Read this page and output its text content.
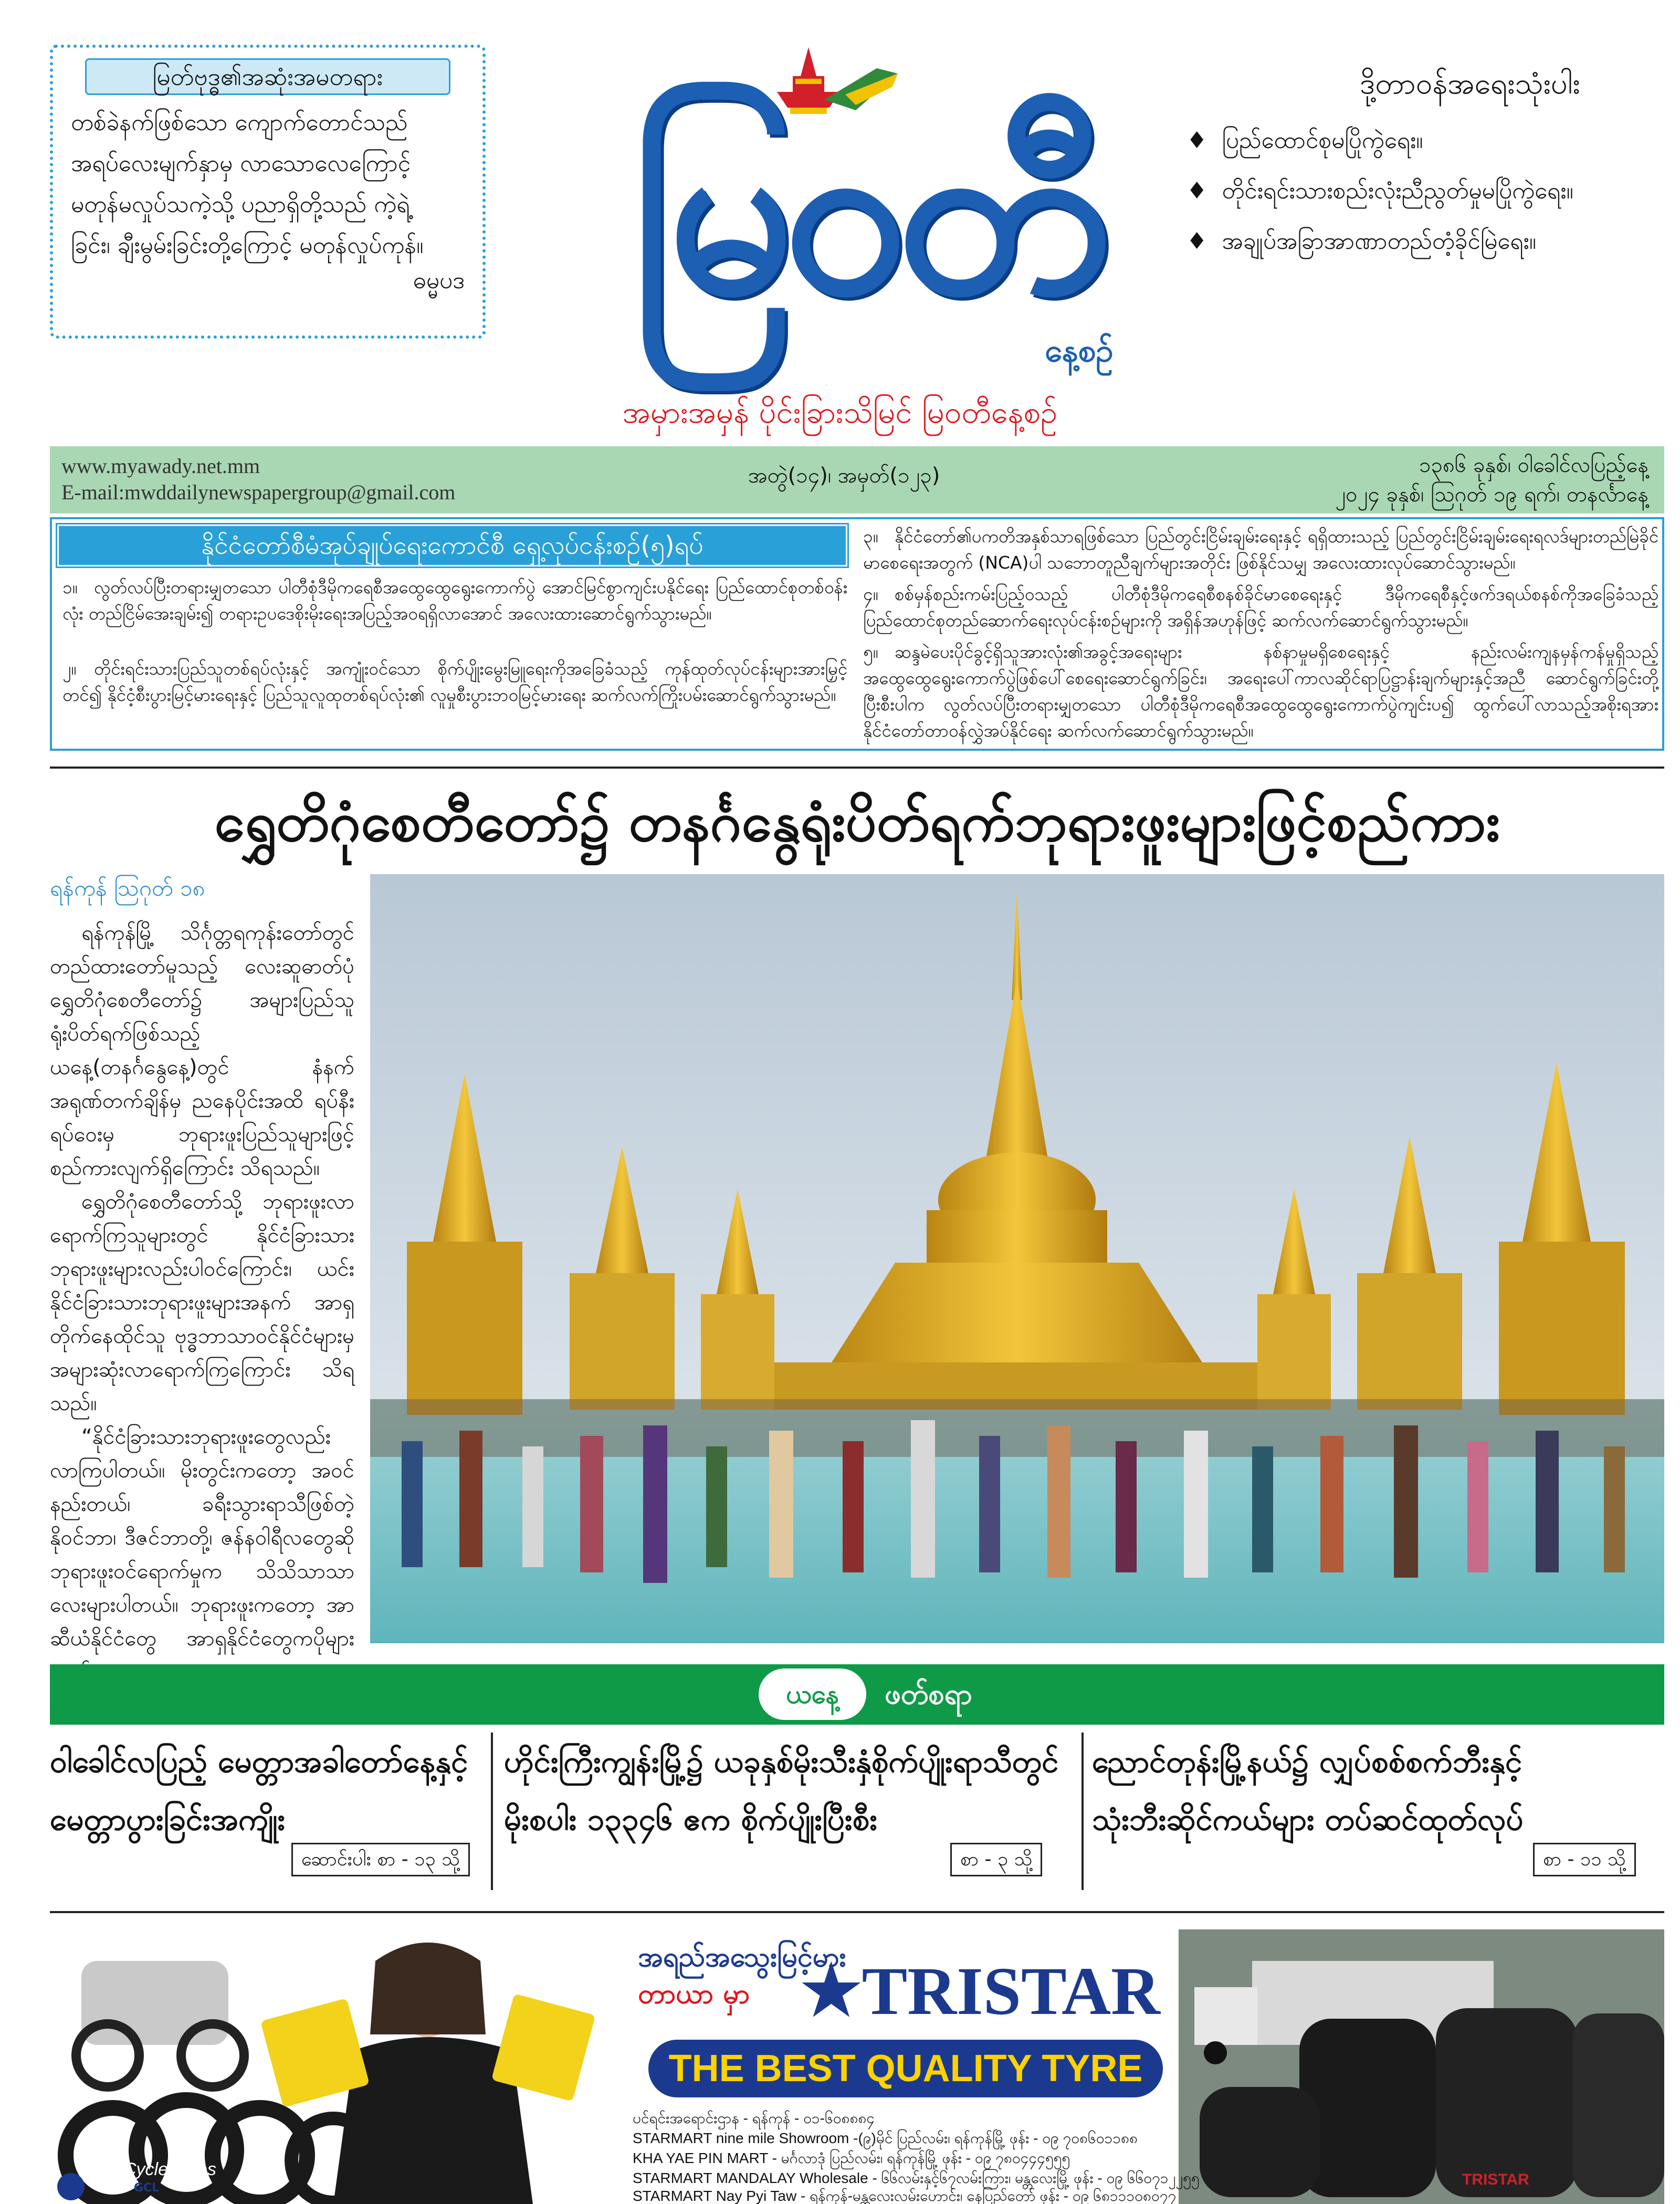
မြတ်ဗုဒ္ဓ၏အဆုံးအမတရား
တစ်ခဲနက်ဖြစ်သော ကျောက်တောင်သည်
အရပ်လေးမျက်နှာမှ လာသောလေကြောင့်
မတုန်မလှုပ်သကဲ့သို့ ပညာရှိတို့သည် ကဲ့ရဲ့
ခြင်း၊ ချီးမွမ်းခြင်းတို့ကြောင့် မတုန်လှုပ်ကုန်။
ဓမ္မပဒ မြဝတီ
နေ့စဉ်
အမှားအမှန် ပိုင်းခြားသိမြင် မြဝတီနေ့စဉ်
ဒို့တာဝန်အရေးသုံးပါး
♦ ပြည်ထောင်စုမပြိုကွဲရေး။
♦ တိုင်းရင်းသားစည်းလုံးညီညွတ်မှုမပြိုကွဲရေး။
♦ အချုပ်အခြာအာဏာတည်တံ့ခိုင်မြဲရေး။
www.myawady.net.mm
E-mail:mwddailynewspapergroup@gmail.com
အတွဲ(၁၄)၊ အမှတ်(၁၂၃)	၁၃၈၆ ခုနှစ်၊ ဝါခေါင်လပြည့်နေ့
၂၀၂၄ ခုနှစ်၊ ဩဂုတ် ၁၉ ရက်၊ တနင်္လာနေ့
နိုင်ငံတော်စီမံအုပ်ချုပ်ရေးကောင်စီ ရှေ့လုပ်ငန်းစဉ်(၅)ရပ်
၁။ လွတ်လပ်ပြီးတရားမျှတသော ပါတီစုံဒီမိုကရေစီအထွေထွေရွေးကောက်ပွဲ အောင်မြင်စွာကျင်းပနိုင်ရေး ပြည်ထောင်စုတစ်ဝန်းလုံး တည်ငြိမ်အေးချမ်း၍ တရားဥပဒေစိုးမိုးရေးအပြည့်အဝရရှိလာအောင် အလေးထားဆောင်ရွက်သွားမည်။
၂။ တိုင်းရင်းသားပြည်သူတစ်ရပ်လုံးနှင့် အကျုံးဝင်သော စိုက်ပျိုးမွေးမြူရေးကိုအခြေခံသည့် ကုန်ထုတ်လုပ်ငန်းများအားမြှင့်တင်၍ နိုင်ငံ့စီးပွားမြင့်မားရေးနှင့် ပြည်သူလူထုတစ်ရပ်လုံး၏ လူမှုစီးပွားဘဝမြင့်မားရေး ဆက်လက်ကြိုးပမ်းဆောင်ရွက်သွားမည်။
၃။ နိုင်ငံတော်၏ပကတိအနှစ်သာရဖြစ်သော ပြည်တွင်းငြိမ်းချမ်းရေးနှင့် ရရှိထားသည့် ပြည်တွင်းငြိမ်းချမ်းရေးရလဒ်များတည်မြဲခိုင်မာစေရေးအတွက် (NCA)ပါ သဘောတူညီချက်များအတိုင်း ဖြစ်နိုင်သမျှ အလေးထားလုပ်ဆောင်သွားမည်။
၄။ စစ်မှန်စည်းကမ်းပြည့်ဝသည့် ပါတီစုံဒီမိုကရေစီစနစ်ခိုင်မာစေရေးနှင့် ဒီမိုကရေစီနှင့်ဖက်ဒရယ်စနစ်ကိုအခြေခံသည့် ပြည်ထောင်စုတည်ဆောက်ရေးလုပ်ငန်းစဉ်များကို အရှိန်အဟုန်ဖြင့် ဆက်လက်ဆောင်ရွက်သွားမည်။
၅။ ဆန္ဒမဲပေးပိုင်ခွင့်ရှိသူအားလုံး၏အခွင့်အရေးများ နစ်နာမှုမရှိစေရေးနှင့် နည်းလမ်းကျနမှန်ကန်မှုရှိသည့် အထွေထွေရွေးကောက်ပွဲဖြစ်ပေါ်စေရေးဆောင်ရွက်ခြင်း၊ အရေးပေါ်ကာလဆိုင်ရာပြဋ္ဌာန်းချက်များနှင့်အညီ ဆောင်ရွက်ခြင်းတို့ပြီးစီးပါက လွတ်လပ်ပြီးတရားမျှတသော ပါတီစုံဒီမိုကရေစီအထွေထွေရွေးကောက်ပွဲကျင်းပ၍ ထွက်ပေါ်လာသည့်အစိုးရအား နိုင်ငံတော်တာဝန်လွှဲအပ်နိုင်ရေး ဆက်လက်ဆောင်ရွက်သွားမည်။
ရွှေတိဂုံစေတီတော်၌ တနင်္ဂနွေရုံးပိတ်ရက်ဘုရားဖူးများဖြင့်စည်ကား
ရန်ကုန် ဩဂုတ် ၁၈

ရန်ကုန်မြို့ သိင်္ဂုတ္တရကုန်းတော်တွင် တည်ထားတော်မူသည့် လေးဆူဓာတ်ပုံ ရွှေတိဂုံစေတီတော်၌ အများပြည်သူရုံးပိတ်ရက်ဖြစ်သည့် ယနေ့(တနင်္ဂနွေနေ့)တွင် နံနက်အရုဏ်တက်ချိန်မှ ညနေပိုင်းအထိ ရပ်နီးရပ်ဝေးမှ ဘုရားဖူးပြည်သူများဖြင့် စည်ကားလျက်ရှိကြောင်း သိရသည်။

ရွှေတိဂုံစေတီတော်သို့ ဘုရားဖူးလာရောက်ကြသူများတွင် နိုင်ငံခြားသားဘုရားဖူးများလည်းပါဝင်ကြောင်း၊ ယင်းနိုင်ငံခြားသားဘုရားဖူးများအနက် အာရှတိုက်နေထိုင်သူ ဗုဒ္ဓဘာသာဝင်နိုင်ငံများမှ အများဆုံးလာရောက်ကြကြောင်း သိရသည်။

“နိုင်ငံခြားသားဘုရားဖူးတွေလည်း လာကြပါတယ်။ မိုးတွင်းကတော့ အဝင်နည်းတယ်၊ ခရီးသွားရာသီဖြစ်တဲ့ နိုဝင်ဘာ၊ ဒီဇင်ဘာတို့၊ ဇန်နဝါရီလတွေဆို ဘုရားဖူးဝင်ရောက်မှုက သိသိသာသာလေးများပါတယ်။ ဘုရားဖူးကတော့ အာဆီယံနိုင်ငံတွေ အာရှနိုင်ငံတွေကပိုများ

ယနေ့	ဖတ်စရာ
ဝါခေါင်လပြည့် မေတ္တာအခါတော်နေ့နှင့်
မေတ္တာပွားခြင်းအကျိုး
ဆောင်းပါး စာ - ၁၃ သို့
ဟိုင်းကြီးကျွန်းမြို့၌ ယခုနှစ်မိုးသီးနှံစိုက်ပျိုးရာသီတွင်
မိုးစပါး ၁၃၃၄၆ ဧက စိုက်ပျိုးပြီးစီး
စာ - ၃ သို့
ညောင်တုန်းမြို့နယ်၌ လျှပ်စစ်စက်ဘီးနှင့်
သုံးဘီးဆိုင်ကယ်များ တပ်ဆင်ထုတ်လုပ်
စာ - ၁၁ သို့
အရည်အသွေးမြင့်မား
တာယာ မှာ ★TRISTAR
THE BEST QUALITY TYRE
ပင်ရင်းအရောင်းဌာန - ရန်ကုန် - ၀၁-၆၀၈၈၈၄
STARMART nine mile Showroom -(၉)မိုင် ပြည်လမ်း၊ ရန်ကုန်မြို့ ဖုန်း - ၀၉ ၇၀၈၆၀၁၁၈၈
KHA YAE PIN MART - မင်္ဂလာဒုံ ပြည်လမ်း၊ ရန်ကုန်မြို့ ဖုန်း - ၀၉ ၇၈၀၄၄၄၅၅၅
STARMART MANDALAY Wholesale - ၆၆လမ်းနှင့်၆၇လမ်းကြား၊ မန္တလေးမြို့ ဖုန်း - ၀၉ ၆၆၀၇၁၂၂၅၅
STARMART Nay Pyi Taw - ရန်ကုန်-မန္တလေးလမ်းဟောင်း၊ နေပြည်တော် ဖုန်း - ၀၉ ၆၈၁၁၁၀၈၀၇၇
Cycle Tyres
GCL	TRISTAR
